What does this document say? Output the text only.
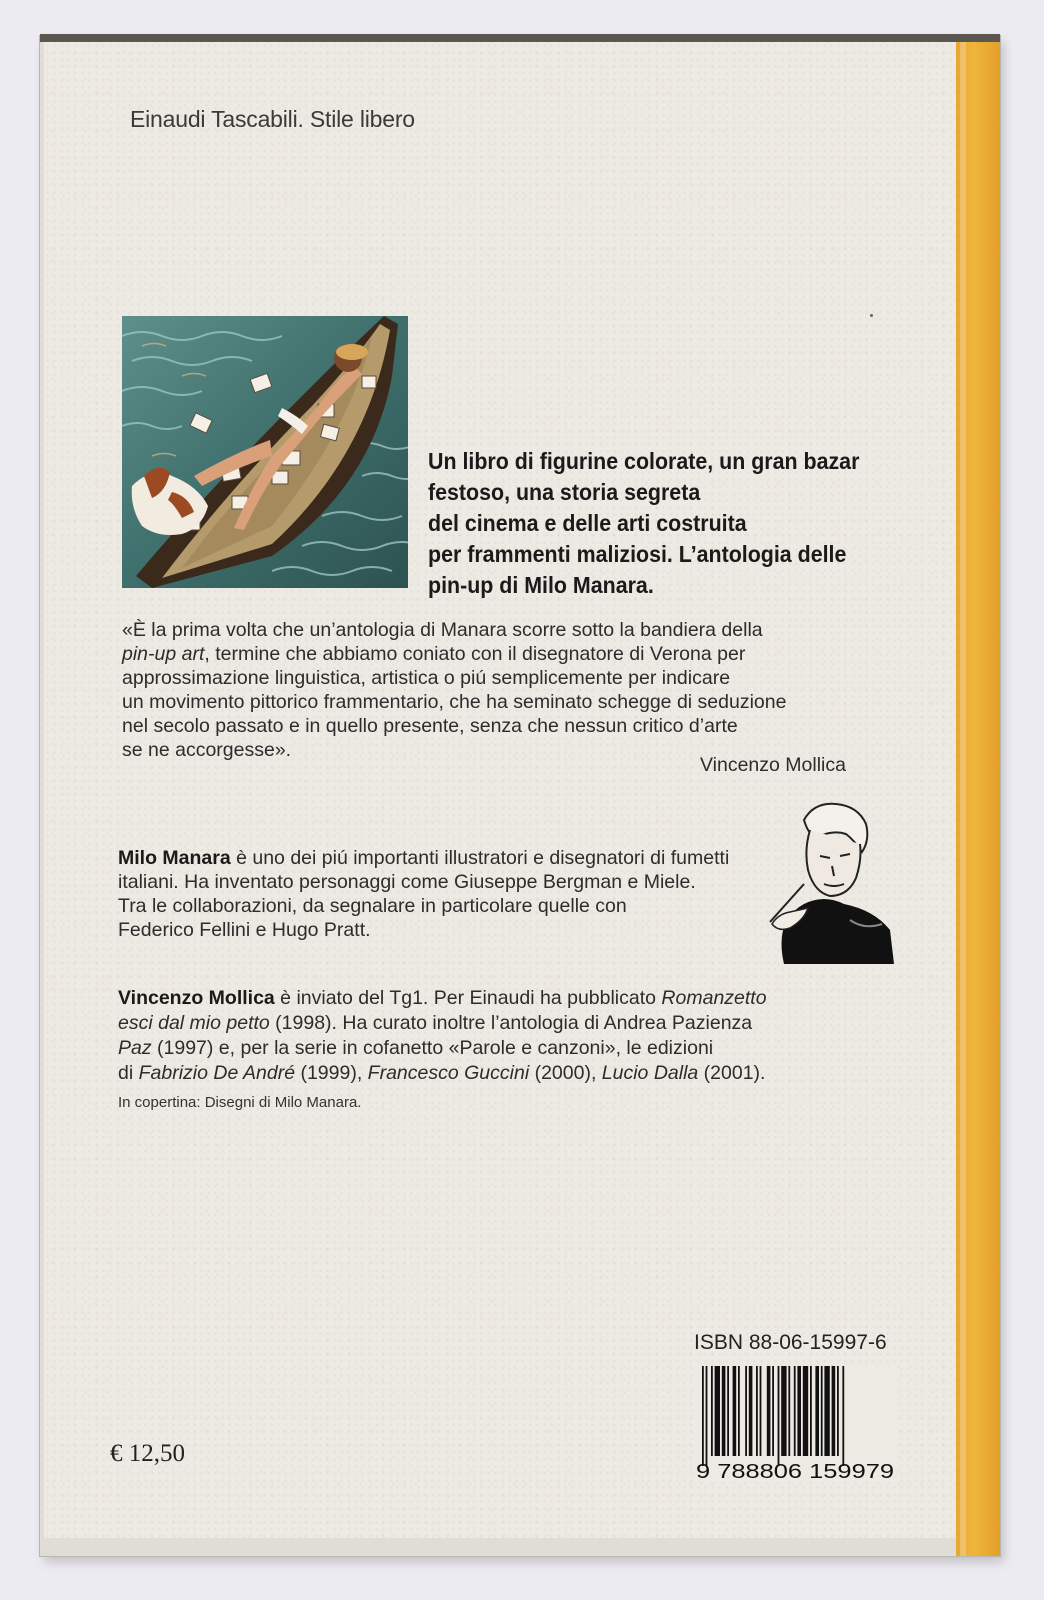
Einaudi Tascabili. Stile libero
Un libro di figurine colorate, un gran bazar
festoso, una storia segreta
del cinema e delle arti costruita
per frammenti maliziosi. L’antologia delle
pin-up di Milo Manara.
«È la prima volta che un’antologia di Manara scorre sotto la bandiera della
pin-up art, termine che abbiamo coniato con il disegnatore di Verona per
approssimazione linguistica, artistica o piú semplicemente per indicare
un movimento pittorico frammentario, che ha seminato schegge di seduzione
nel secolo passato e in quello presente, senza che nessun critico d’arte
se ne accorgesse».
Vincenzo Mollica
Milo Manara è uno dei piú importanti illustratori e disegnatori di fumetti
italiani. Ha inventato personaggi come Giuseppe Bergman e Miele.
Tra le collaborazioni, da segnalare in particolare quelle con
Federico Fellini e Hugo Pratt.
Vincenzo Mollica è inviato del Tg1. Per Einaudi ha pubblicato Romanzetto
esci dal mio petto (1998). Ha curato inoltre l’antologia di Andrea Pazienza
Paz (1997) e, per la serie in cofanetto «Parole e canzoni», le edizioni
di Fabrizio De André (1999), Francesco Guccini (2000), Lucio Dalla (2001).
In copertina: Disegni di Milo Manara.
ISBN 88-06-15997-6
9 788806 159979
€ 12,50
